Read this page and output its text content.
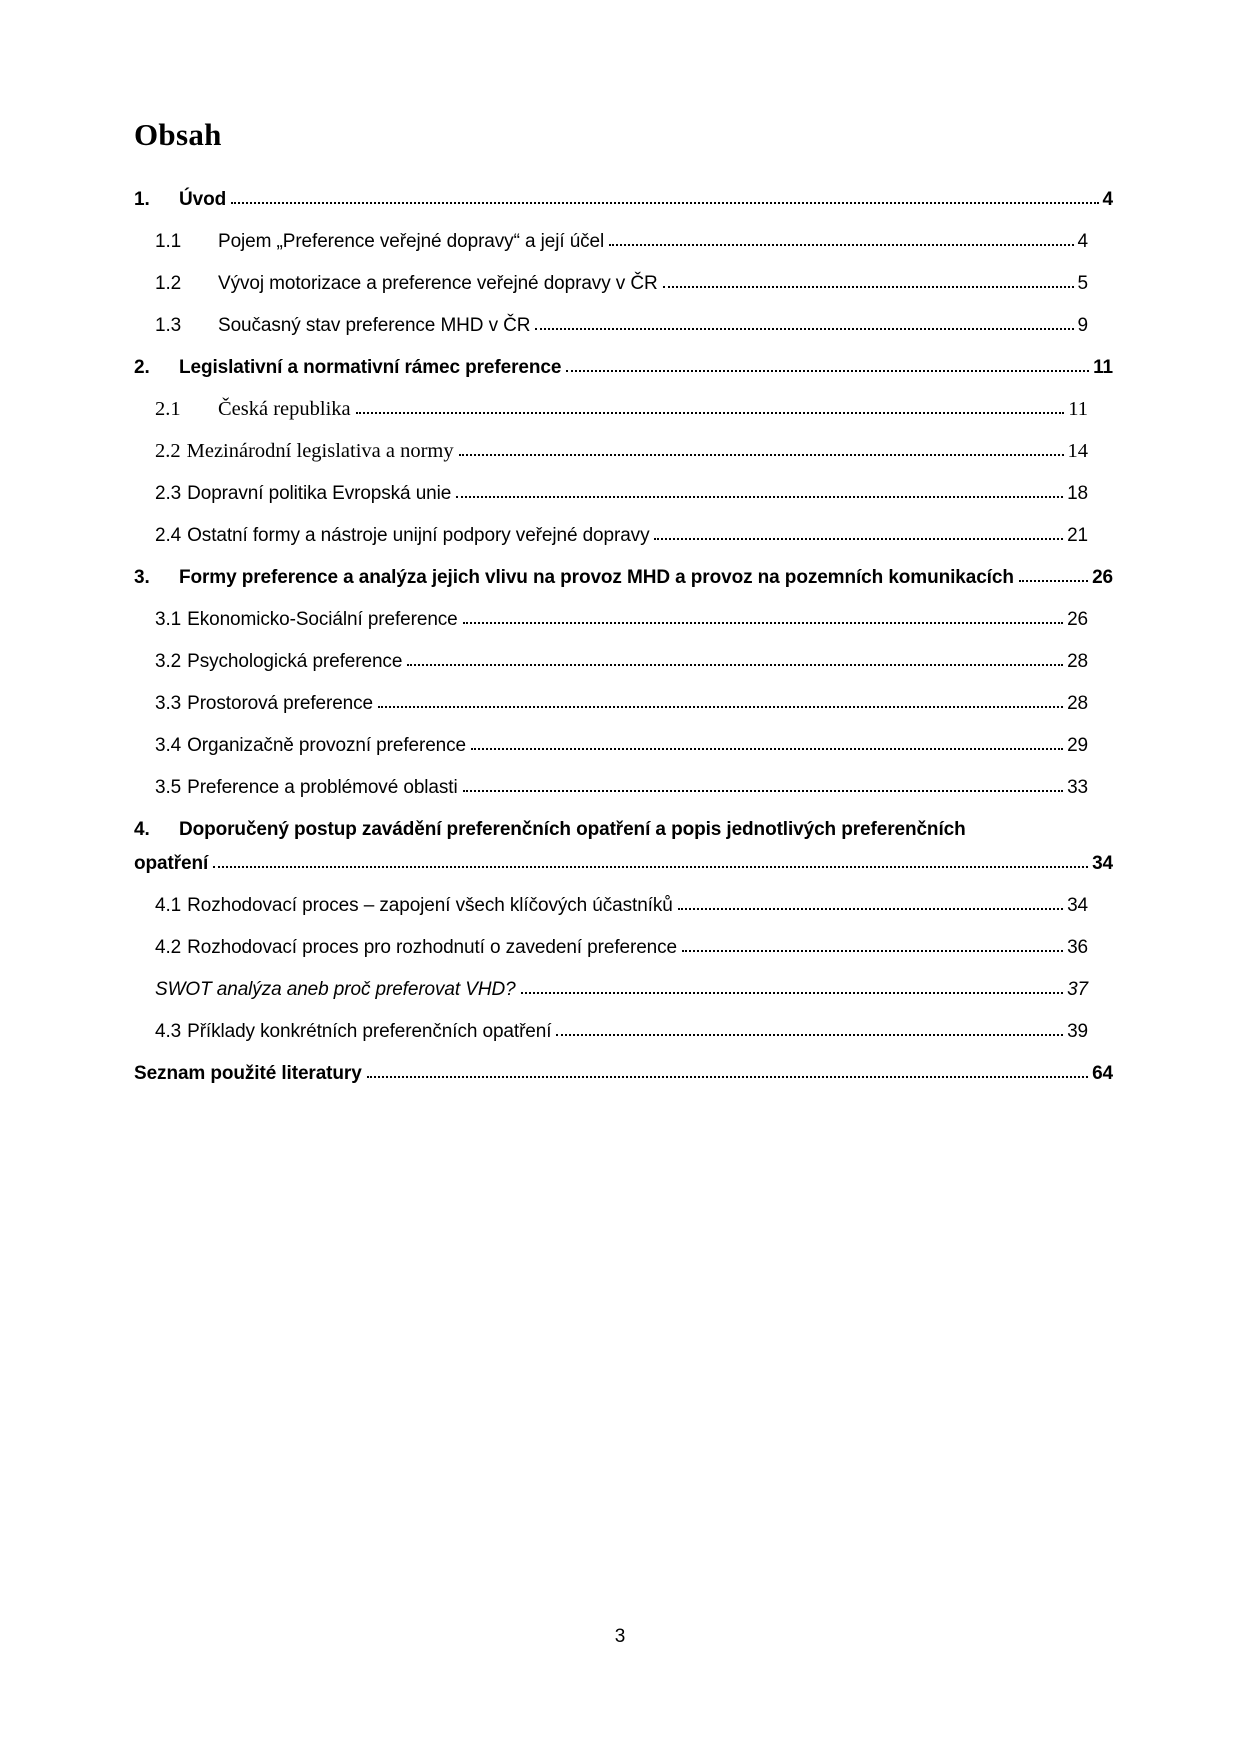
Obsah
1.	Úvod	4
1.1	Pojem „Preference veřejné dopravy“ a její účel	4
1.2	Vývoj motorizace a preference veřejné dopravy v ČR	5
1.3	Současný stav preference MHD v ČR	9
2.	Legislativní a normativní rámec preference	11
2.1	Česká republika	11
2.2 Mezinárodní legislativa a normy	14
2.3 Dopravní politika Evropská unie	18
2.4 Ostatní formy a nástroje unijní podpory veřejné dopravy	21
3.	Formy preference a analýza jejich vlivu na provoz MHD a provoz na pozemních komunikacích	26
3.1 Ekonomicko-Sociální preference	26
3.2 Psychologická preference	28
3.3 Prostorová preference	28
3.4 Organizačně provozní preference	29
3.5 Preference a problémové oblasti	33
4.	Doporučený postup zavádění preferenčních opatření a popis jednotlivých preferenčních
opatření	34
4.1 Rozhodovací proces – zapojení všech klíčových účastníků	34
4.2 Rozhodovací proces pro rozhodnutí o zavedení preference	36
SWOT analýza aneb proč preferovat VHD?	37
4.3 Příklady konkrétních preferenčních opatření	39
Seznam použité literatury	64
3
